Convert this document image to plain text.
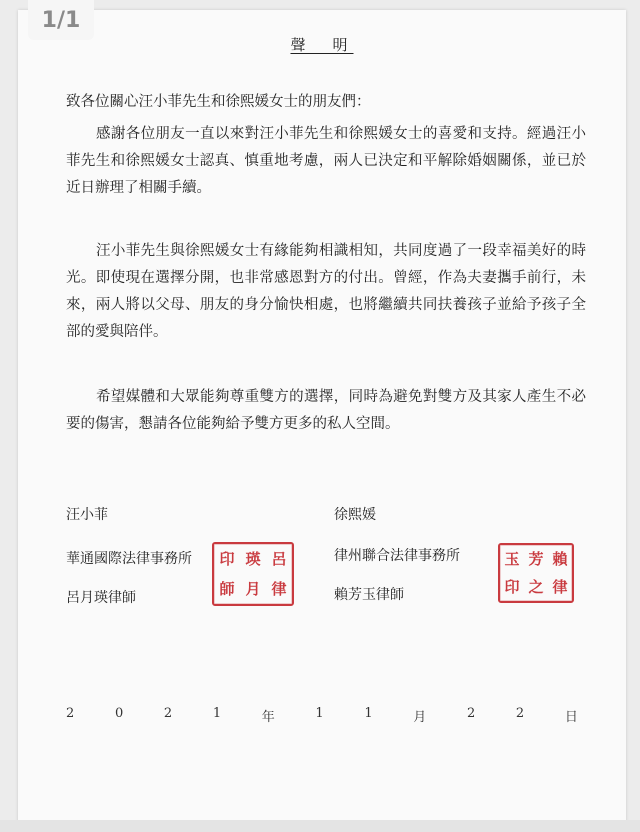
聲　明
致各位關心汪小菲先生和徐熙媛女士的朋友們：

感謝各位朋友一直以來對汪小菲先生和徐熙媛女士的喜愛和支持。經過汪小菲先生和徐熙媛女士認真、慎重地考慮，兩人已決定和平解除婚姻關係，並已於近日辦理了相關手續。

汪小菲先生與徐熙媛女士有緣能夠相識相知，共同度過了一段幸福美好的時光。即使現在選擇分開，也非常感恩對方的付出。曾經，作為夫妻攜手前行，未來，兩人將以父母、朋友的身分愉快相處，也將繼續共同扶養孩子並給予孩子全部的愛與陪伴。

希望媒體和大眾能夠尊重雙方的選擇，同時為避免對雙方及其家人產生不必要的傷害，懇請各位能夠給予雙方更多的私人空間。

汪小菲
華通國際法律事務所
呂月瑛律師
印 瑛 呂
師 月 律
徐熙媛
律州聯合法律事務所
賴芳玉律師
玉 芳 賴
印 之 律
2	0	2	1	年	1	1	月	2	2	日
1/1
